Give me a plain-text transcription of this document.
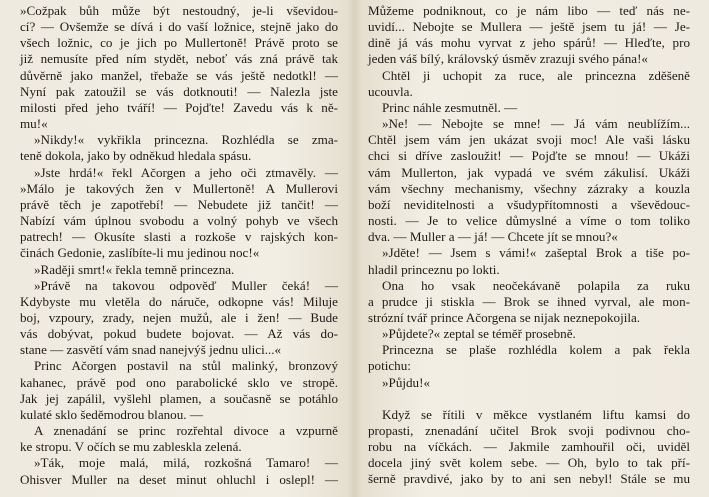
»Cožpak bůh může být nestoudný, je-li vševidou-
cí? — Ovšemže se dívá i do vaší ložnice, stejně jako do
všech ložnic, co je jich po Mullertoně! Právě proto se
již nemusíte před ním stydět, neboť vás zná právě tak
důvěrně jako manžel, třebaže se vás ještě nedotkl! —
Nyní pak zatoužil se vás dotknouti! — Nalezla jste
milosti před jeho tváří! — Pojďte! Zavedu vás k ně-
mu!«
»Nikdy!« vykřikla princezna. Rozhlédla se zma-
teně dokola, jako by odněkud hledala spásu.
»Jste hrdá!« řekl Ačorgen a jeho oči ztmavěly. —
»Málo je takových žen v Mullertoně! A Mullerovi
právě těch je zapotřebí! — Nebudete již tančit! —
Nabízí vám úplnou svobodu a volný pohyb ve všech
patrech! — Okusíte slasti a rozkoše v rajských kon-
činách Gedonie, zaslíbíte-li mu jedinou noc!«
»Raději smrt!« řekla temně princezna.
»Právě na takovou odpověď Muller čeká! —
Kdybyste mu vletěla do náruče, odkopne vás! Miluje
boj, vzpoury, zrady, nejen mužů, ale i žen! — Bude
vás dobývat, pokud budete bojovat. — Až vás do-
stane — zasvětí vám snad nanejvýš jednu ulici...«
Princ Ačorgen postavil na stůl malinký, bronzový
kahanec, právě pod ono parabolické sklo ve stropě.
Jak jej zapálil, vyšlehl plamen, a současně se potáhlo
kulaté sklo šeděmodrou blanou. —
A znenadání se princ rozřehtal divoce a vzpurně
ke stropu. V očích se mu zableskla zelená.
»Ták, moje malá, milá, rozkošná Tamaro! —
Ohisver Muller na deset minut ohluchl i oslepl! —
Můžeme podniknout, co je nám libo — teď nás ne-
uvidí... Nebojte se Mullera — ještě jsem tu já! — Je-
dině já vás mohu vyrvat z jeho spárů! — Hleďte, pro
jeden váš bílý, královský úsměv zrazuji svého pána!«
Chtěl ji uchopit za ruce, ale princezna zděšeně
ucouvla.
Princ náhle zesmutněl. —
»Ne! — Nebojte se mne! — Já vám neublížím...
Chtěl jsem vám jen ukázat svoji moc! Ale vaši lásku
chci si dříve zasloužit! — Pojďte se mnou! — Ukáži
vám Mullerton, jak vypadá ve svém zákulisí. Ukáži
vám všechny mechanismy, všechny zázraky a kouzla
boží neviditelnosti a všudypřítomnosti a vševědouc-
nosti. — Je to velice důmyslné a víme o tom toliko
dva. — Muller a — já! — Chcete jít se mnou?«
»Jděte! — Jsem s vámi!« zašeptal Brok a tiše po-
hladil princeznu po lokti.
Ona ho vsak neočekávaně polapila za ruku
a prudce ji stiskla — Brok se ihned vyrval, ale mon-
strózní tvář prince Ačorgena se nijak neznepokojila.
»Půjdete?« zeptal se téměř prosebně.
Princezna se plaše rozhlédla kolem a pak řekla
potichu:
»Půjdu!«
Když se řítili v měkce vystlaném liftu kamsi do
propasti, znenadání učitel Brok svoji podivnou cho-
robu na víčkách. — Jakmile zamhouřil oči, uviděl
docela jiný svět kolem sebe. — Oh, bylo to tak pří-
šerně pravdivé, jako by to ani sen nebyl! Stále se mu
